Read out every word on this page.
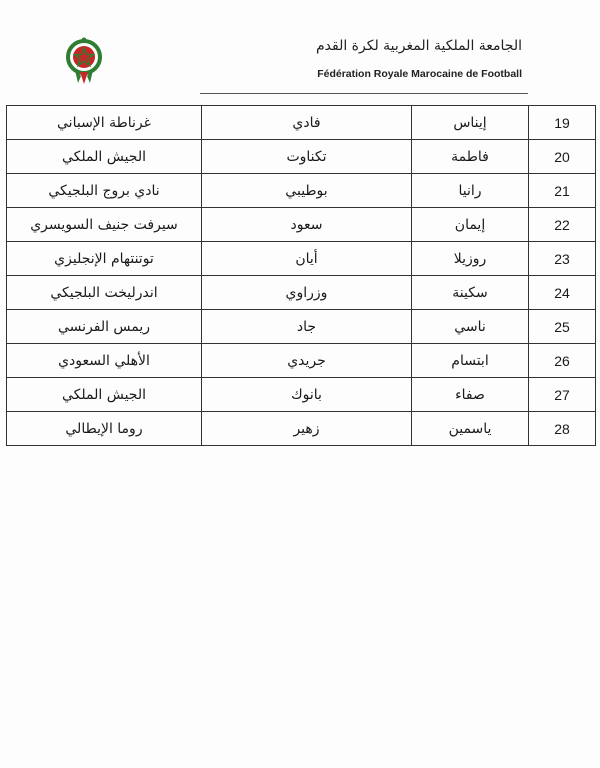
الجامعة الملكية المغربية لكرة القدم
Fédération Royale Marocaine de Football
غرناطة الإسباني	فادي	إيناس	19
الجيش الملكي	تكناوت	فاطمة	20
نادي بروج البلجيكي	بوطيبي	رانيا	21
سيرفت جنيف السويسري	سعود	إيمان	22
توتنتهام الإنجليزي	أيان	روزيلا	23
اندرليخت البلجيكي	وزراوي	سكينة	24
ريمس الفرنسي	جاد	ناسي	25
الأهلي السعودي	جريدي	ابتسام	26
الجيش الملكي	بانوك	صفاء	27
روما الإيطالي	زهير	ياسمين	28
